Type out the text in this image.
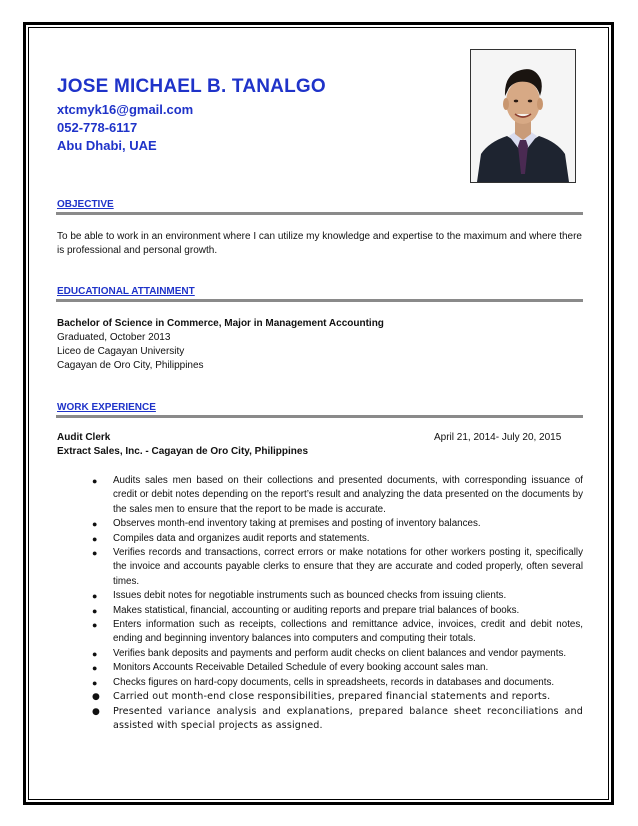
JOSE MICHAEL B. TANALGO
xtcmyk16@gmail.com
052-778-6117
Abu Dhabi, UAE
OBJECTIVE
To be able to work in an environment where I can utilize my knowledge and expertise to the maximum and where there is professional and personal growth.
EDUCATIONAL ATTAINMENT
Bachelor of Science in Commerce, Major in Management Accounting
Graduated, October 2013
Liceo de Cagayan University
Cagayan de Oro City, Philippines
WORK EXPERIENCE
Audit Clerk	April 21, 2014- July 20, 2015
Extract Sales, Inc. - Cagayan de Oro City, Philippines
● Audits sales men based on their collections and presented documents, with corresponding issuance of credit or debit notes depending on the report’s result and analyzing the data presented on the documents by the sales men to ensure that the report to be made is accurate.
● Observes month-end inventory taking at premises and posting of inventory balances.
● Compiles data and organizes audit reports and statements.
● Verifies records and transactions, correct errors or make notations for other workers posting it, specifically the invoice and accounts payable clerks to ensure that they are accurate and coded properly, often several times.
● Issues debit notes for negotiable instruments such as bounced checks from issuing clients.
● Makes statistical, financial, accounting or auditing reports and prepare trial balances of books.
● Enters information such as receipts, collections and remittance advice, invoices, credit and debit notes, ending and beginning inventory balances into computers and computing their totals.
● Verifies bank deposits and payments and perform audit checks on client balances and vendor payments.
● Monitors Accounts Receivable Detailed Schedule of every booking account sales man.
● Checks figures on hard-copy documents, cells in spreadsheets, records in databases and documents.
● Carried out month-end close responsibilities, prepared financial statements and reports.
● Presented variance analysis and explanations, prepared balance sheet reconciliations and assisted with special projects as assigned.
